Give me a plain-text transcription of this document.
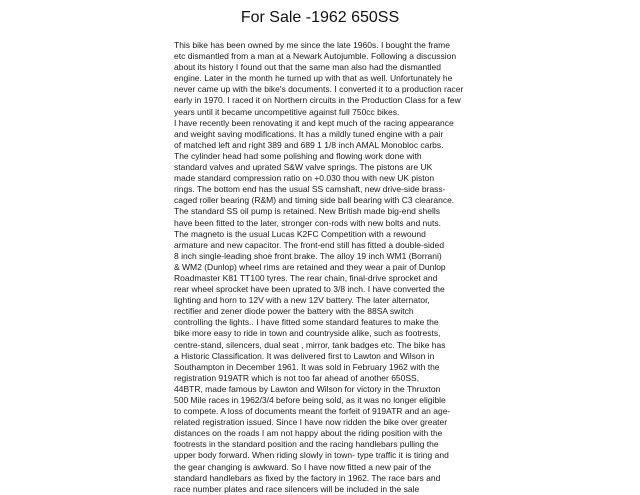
For Sale -1962 650SS
This bike has been owned by me since the late 1960s. I bought the frame
etc dismantled from a man at a Newark Autojumble. Following a discussion
about its history I found out that the same man also had the dismantled
engine. Later in the month he turned up with that as well. Unfortunately he
never came up with the bike's documents. I converted it to a production racer
early in 1970. I raced it on Northern circuits in the Production Class for a few
years until it became uncompetitive against full 750cc bikes.
I have recently been renovating it and kept much of the racing appearance
and weight saving modifications. It has a mildly tuned engine with a pair
of matched left and right 389 and 689 1 1/8 inch AMAL Monobloc carbs.
The cylinder head had some polishing and flowing work done with
standard valves and uprated S&W valve springs. The pistons are UK
made standard compression ratio on +0.030 thou with new UK piston
rings. The bottom end has the usual SS camshaft, new drive-side brass-
caged roller bearing (R&M) and timing side ball bearing with C3 clearance.
The standard SS oil pump is retained. New British made big-end shells
have been fitted to the later, stronger con-rods with new bolts and nuts.
The magneto is the usual Lucas K2FC Competition with a rewound
armature and new capacitor. The front-end still has fitted a double-sided
8 inch single-leading shoe front brake. The alloy 19 inch WM1 (Borrani)
& WM2 (Dunlop) wheel rims are retained and they wear a pair of Dunlop
Roadmaster K81 TT100 tyres. The rear chain, final-drive sprocket and
rear wheel sprocket have been uprated to 3/8 inch. I have converted the
lighting and horn to 12V with a new 12V battery. The later alternator,
rectifier and zener diode power the battery with the 88SA switch
controlling the lights.. I have fitted some standard features to make the
bike more easy to ride in town and countryside alike, such as footrests,
centre-stand, silencers, dual seat , mirror, tank badges etc. The bike has
a Historic Classification. It was delivered first to Lawton and Wilson in
Southampton in December 1961. It was sold in February 1962 with the
registration 919ATR which is not too far ahead of another 650SS,
44BTR, made famous by Lawton and Wilson for victory in the Thruxton
500 Mile races in 1962/3/4 before being sold, as it was no longer eligible
to compete. A loss of documents meant the forfeit of 919ATR and an age-
related registration issued. Since I have now ridden the bike over greater
distances on the roads I am not happy about the riding position with the
footrests in the standard position and the racing handlebars pulling the
upper body forward. When riding slowly in town- type traffic it is tiring and
the gear changing is awkward. So I have now fitted a new pair of the
standard handlebars as fixed by the factory in 1962. The race bars and
race number plates and race silencers will be included in the sale
